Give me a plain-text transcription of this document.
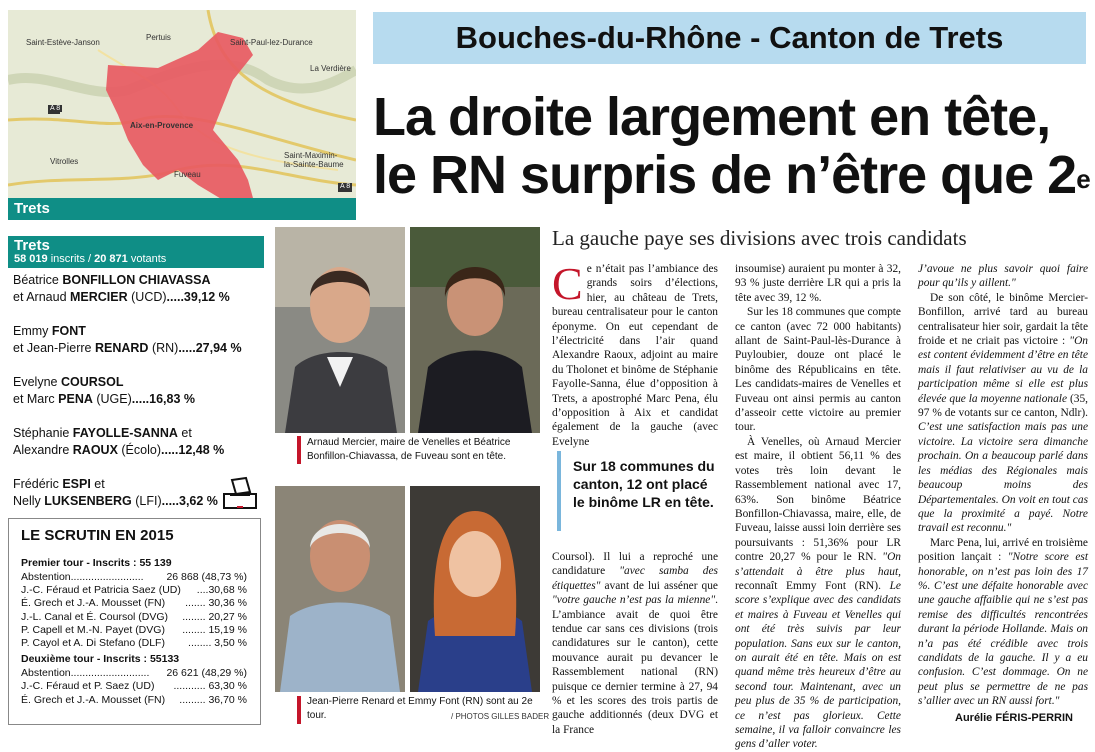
Saint-Estève-Janson
Pertuis
Saint-Paul-lez-Durance
La Verdière
Aix-en-Provence
Vitrolles
Saint-Maximin-la-Sainte-Baume
Fuveau
A 8
A 8
Trets
Bouches-du-Rhône - Canton de Trets
La droite largement en tête,
le RN surpris de n’être que 2e
Trets
58 019 inscrits / 20 871 votants
Béatrice BONFILLON CHIAVASSA
et Arnaud MERCIER (UCD).....39,12 %
Emmy FONT
et Jean-Pierre RENARD (RN).....27,94 %
Evelyne COURSOL
et Marc PENA (UGE).....16,83 %
Stéphanie FAYOLLE-SANNA et
Alexandre RAOUX (Écolo).....12,48 %
Frédéric ESPI et
Nelly LUKSENBERG (LFI).....3,62 %
LE SCRUTIN EN 2015
Premier tour - Inscrits : 55 139
Abstention......................... 26 868 (48,73 %)
J.-C. Féraud et Patricia Saez (UD) ....30,68 %
É. Grech et J.-A. Mousset (FN) ....... 30,36 %
J.-L. Canal et É. Coursol (DVG) ........ 20,27 %
P. Capell et M.-N. Payet (DVG) ........ 15,19 %
P. Cayol et A. Di Stefano (DLF) ........ 3,50 %
Deuxième tour - Inscrits : 55133
Abstention........................... 26 621 (48,29 %)
J.-C. Féraud et P. Saez (UD) ........... 63,30 %
É. Grech et J.-A. Mousset (FN) ......... 36,70 %
Arnaud Mercier, maire de Venelles et Béatrice Bonfillon-Chiavassa, de Fuveau sont en tête.
Jean-Pierre Renard et Emmy Font (RN) sont au 2e tour.	/ PHOTOS GILLES BADER
La gauche paye ses divisions avec trois candidats

Ce n’était pas l’ambiance des grands soirs d’élections, hier, au château de Trets, bureau centralisateur pour le canton éponyme. On eut cependant de l’électricité dans l’air quand Alexandre Raoux, adjoint au maire du Tholonet et binôme de Stéphanie Fayolle-Sanna, élue d’opposition à Trets, a apostrophé Marc Pena, élu d’opposition à Aix et candidat également de la gauche (avec Evelyne

Sur 18 communes du canton, 12 ont placé le binôme LR en tête.

Coursol). Il lui a reproché une candidature "avec samba des étiquettes" avant de lui asséner que "votre gauche n’est pas la mienne". L’ambiance avait de quoi être tendue car sans ces divisions (trois candidatures sur le canton), cette mouvance aurait pu devancer le Rassemblement national (RN) puisque ce dernier termine à 27, 94 % et les scores des trois partis de gauche additionnés (deux DVG et la France

insoumise) auraient pu monter à 32, 93 % juste derrière LR qui a pris la tête avec 39, 12 %.

Sur les 18 communes que compte ce canton (avec 72 000 habitants) allant de Saint-Paul-lès-Durance à Puyloubier, douze ont placé le binôme des Républicains en tête. Les candidats-maires de Venelles et Fuveau ont ainsi permis au canton d’asseoir cette victoire au premier tour.

À Venelles, où Arnaud Mercier est maire, il obtient 56,11 % des votes très loin devant le Rassemblement national avec 17, 63%. Son binôme Béatrice Bonfillon-Chiavassa, maire, elle, de Fuveau, laisse aussi loin derrière ses poursuivants : 51,36% pour LR contre 20,27 % pour le RN. "On s’attendait à être plus haut, reconnaît Emmy Font (RN). Le score s’explique avec des candidats et maires à Fuveau et Venelles qui ont été très suivis par leur population. Sans eux sur le canton, on aurait été en tête. Mais on est quand même très heureux d’être au second tour. Maintenant, avec un peu plus de 35 % de participation, ce n’est pas glorieux. Cette semaine, il va falloir convaincre les gens d’aller voter.

J’avoue ne plus savoir quoi faire pour qu’ils y aillent."

De son côté, le binôme Mercier-Bonfillon, arrivé tard au bureau centralisateur hier soir, gardait la tête froide et ne criait pas victoire : "On est content évidemment d’être en tête mais il faut relativiser au vu de la participation même si elle est plus élevée que la moyenne nationale (35, 97 % de votants sur ce canton, Ndlr). C’est une satisfaction mais pas une victoire. La victoire sera dimanche prochain. On a beaucoup parlé dans les médias des Régionales mais beaucoup moins des Départementales. On voit en tout cas que la proximité a payé. Notre travail est reconnu."

Marc Pena, lui, arrivé en troisième position lançait : "Notre score est honorable, on n’est pas loin des 17 %. C’est une défaite honorable avec une gauche affaiblie qui ne s’est pas remise des difficultés rencontrées durant la période Hollande. Mais on n’a pas été crédible avec trois candidats de la gauche. Il y a eu confusion. C’est dommage. On ne peut plus se permettre de ne pas s’allier avec un RN aussi fort."

Aurélie FÉRIS-PERRIN
